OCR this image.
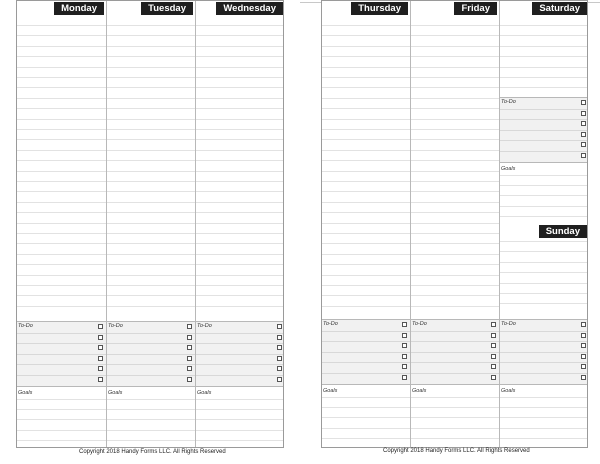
Monday
To-Do
Goals
Tuesday
To-Do
Goals
Wednesday
To-Do
Goals
Copyright 2018 Handy Forms LLC. All Rights Reserved
Thursday
To-Do
Goals
Friday
To-Do
Goals
Saturday
Sunday
To-Do
Goals
To-Do
Goals
Copyright 2018 Handy Forms LLC. All Rights Reserved
